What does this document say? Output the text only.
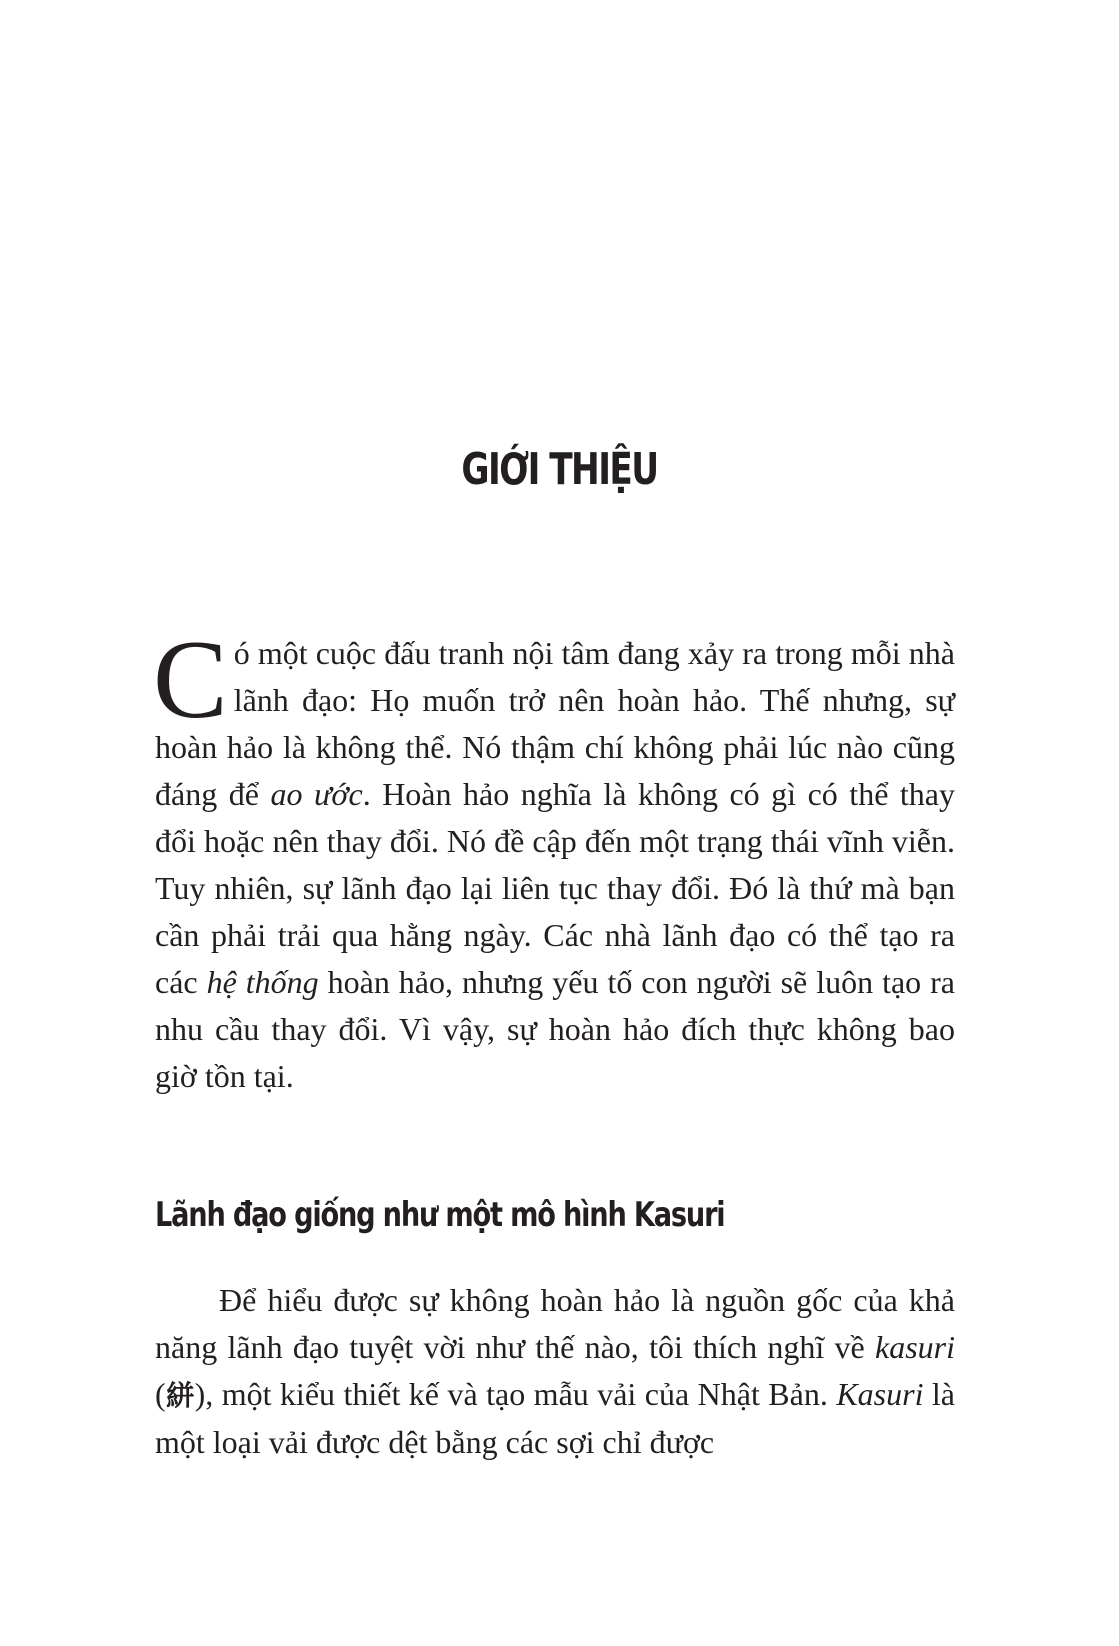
GIỚI THIỆU

Có một cuộc đấu tranh nội tâm đang xảy ra trong mỗi nhà lãnh đạo: Họ muốn trở nên hoàn hảo. Thế nhưng, sự hoàn hảo là không thể. Nó thậm chí không phải lúc nào cũng đáng để ao ước. Hoàn hảo nghĩa là không có gì có thể thay đổi hoặc nên thay đổi. Nó đề cập đến một trạng thái vĩnh viễn. Tuy nhiên, sự lãnh đạo lại liên tục thay đổi. Đó là thứ mà bạn cần phải trải qua hằng ngày. Các nhà lãnh đạo có thể tạo ra các hệ thống hoàn hảo, nhưng yếu tố con người sẽ luôn tạo ra nhu cầu thay đổi. Vì vậy, sự hoàn hảo đích thực không bao giờ tồn tại.

Lãnh đạo giống như một mô hình Kasuri

Để hiểu được sự không hoàn hảo là nguồn gốc của khả năng lãnh đạo tuyệt vời như thế nào, tôi thích nghĩ về kasuri (絣), một kiểu thiết kế và tạo mẫu vải của Nhật Bản. Kasuri là một loại vải được dệt bằng các sợi chỉ được
